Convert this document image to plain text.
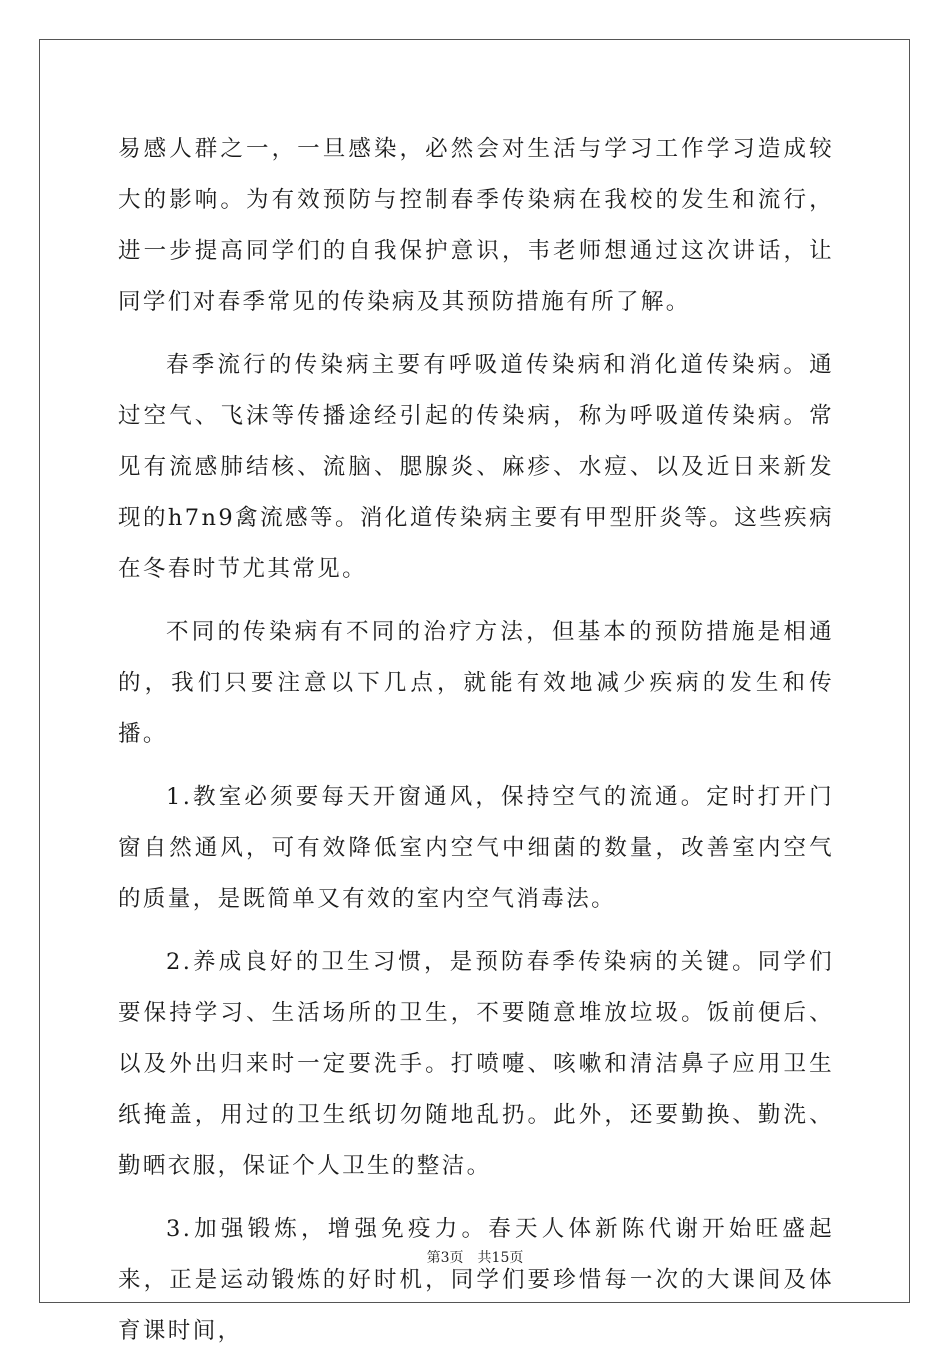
易感人群之一，一旦感染，必然会对生活与学习工作学习造成较大的影响。为有效预防与控制春季传染病在我校的发生和流行，进一步提高同学们的自我保护意识，韦老师想通过这次讲话，让同学们对春季常见的传染病及其预防措施有所了解。

春季流行的传染病主要有呼吸道传染病和消化道传染病。通过空气、飞沫等传播途经引起的传染病，称为呼吸道传染病。常见有流感肺结核、流脑、腮腺炎、麻疹、水痘、以及近日来新发现的h7n9禽流感等。消化道传染病主要有甲型肝炎等。这些疾病在冬春时节尤其常见。

不同的传染病有不同的治疗方法，但基本的预防措施是相通的，我们只要注意以下几点，就能有效地减少疾病的发生和传播。

1.教室必须要每天开窗通风，保持空气的流通。定时打开门窗自然通风，可有效降低室内空气中细菌的数量，改善室内空气的质量，是既简单又有效的室内空气消毒法。

2.养成良好的卫生习惯，是预防春季传染病的关键。同学们要保持学习、生活场所的卫生，不要随意堆放垃圾。饭前便后、以及外出归来时一定要洗手。打喷嚏、咳嗽和清洁鼻子应用卫生纸掩盖，用过的卫生纸切勿随地乱扔。此外，还要勤换、勤洗、勤晒衣服，保证个人卫生的整洁。

3.加强锻炼，增强免疫力。春天人体新陈代谢开始旺盛起来，正是运动锻炼的好时机，同学们要珍惜每一次的大课间及体育课时间，

第3页 共15页
